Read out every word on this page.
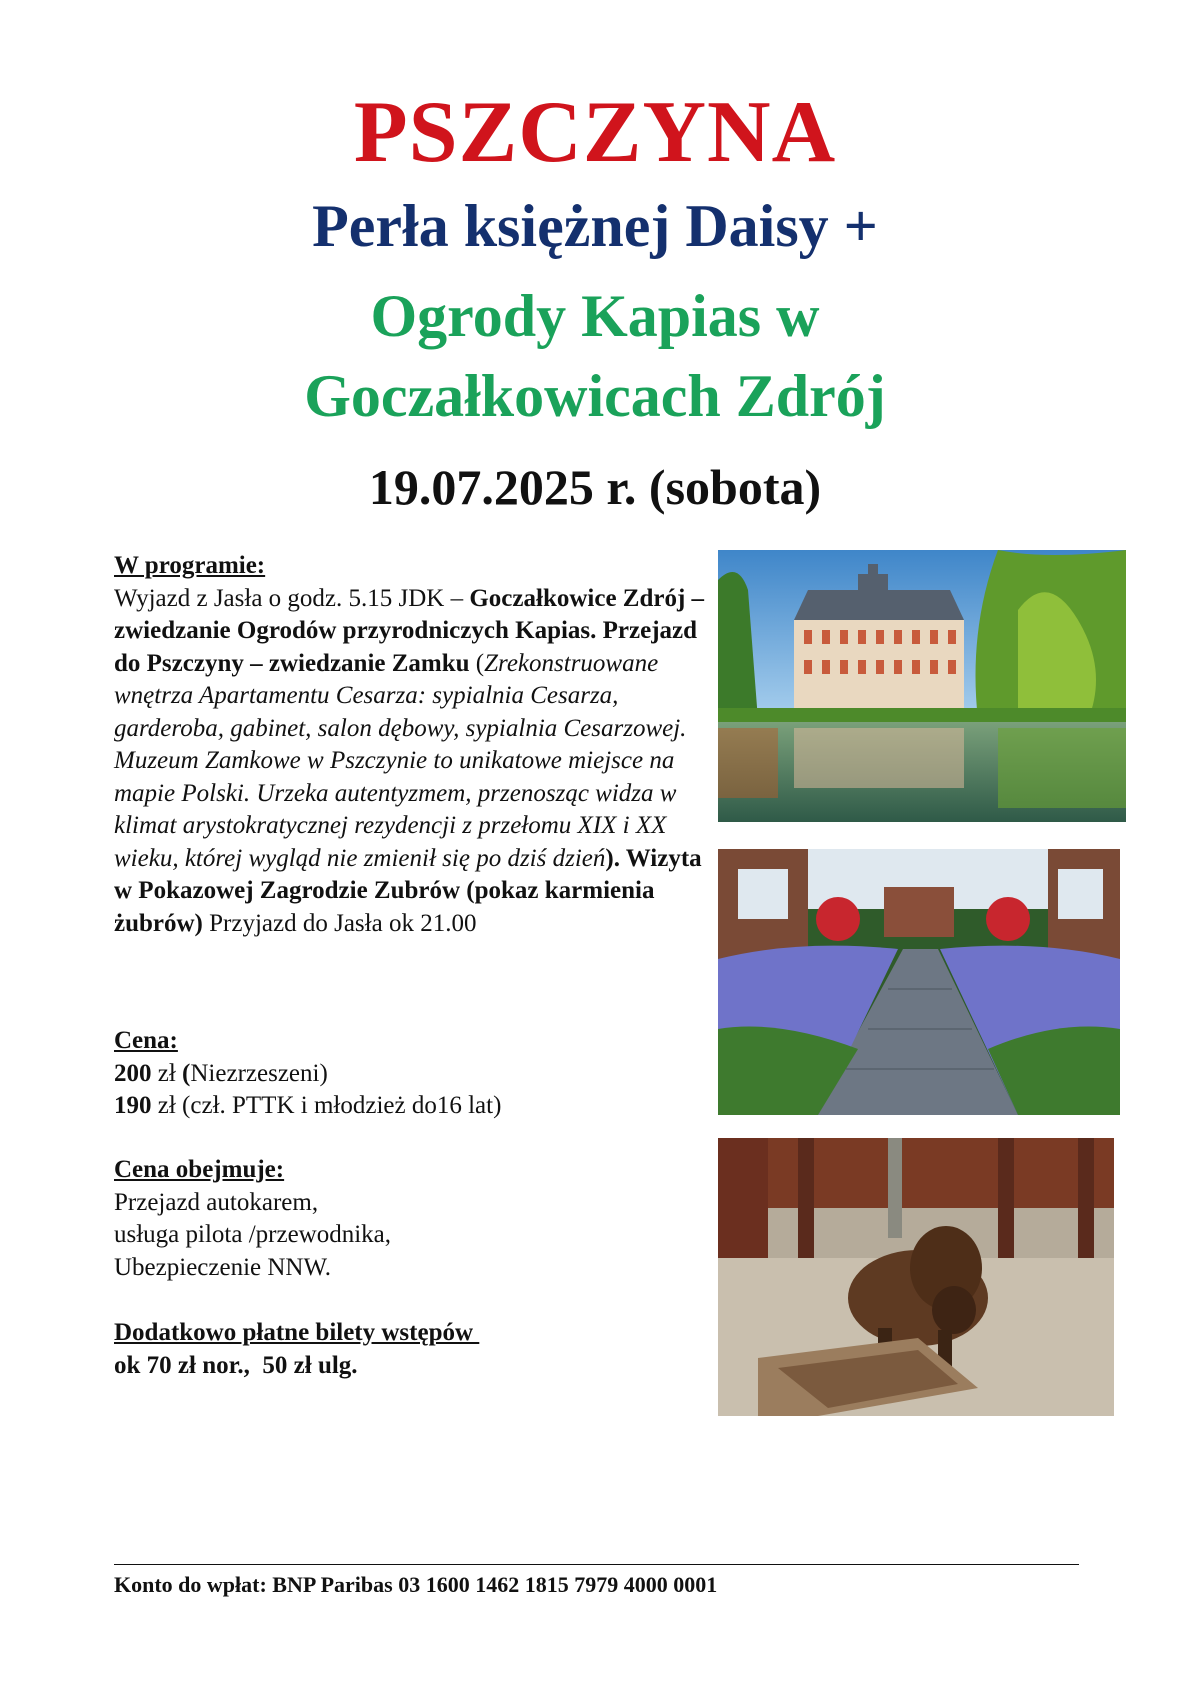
PSZCZYNA
Perła księżnej Daisy +
Ogrody Kapias w
Goczałkowicach Zdrój
19.07.2025 r. (sobota)

W programie:

Wyjazd z Jasła o godz. 5.15 JDK – Goczałkowice Zdrój – zwiedzanie Ogrodów przyrodniczych Kapias. Przejazd do Pszczyny – zwiedzanie Zamku (Zrekonstruowane wnętrza Apartamentu Cesarza: sypialnia Cesarza, garderoba, gabinet, salon dębowy, sypialnia Cesarzowej. Muzeum Zamkowe w Pszczynie to unikatowe miejsce na mapie Polski. Urzeka autentyzmem, przenosząc widza w klimat arystokratycznej rezydencji z przełomu XIX i XX wieku, której wygląd nie zmienił się po dziś dzień). Wizyta w Pokazowej Zagrodzie Zubrów (pokaz karmienia żubrów) Przyjazd do Jasła ok 21.00

Cena:

200 zł (Niezrzeszeni)

190 zł (czł. PTTK i młodzież do16 lat)

Cena obejmuje:

Przejazd autokarem,

usługa pilota /przewodnika,

Ubezpieczenie NNW.

Dodatkowo płatne bilety wstępów

ok 70 zł nor.,  50 zł ulg.

Konto do wpłat: BNP Paribas 03 1600 1462 1815 7979 4000 0001
